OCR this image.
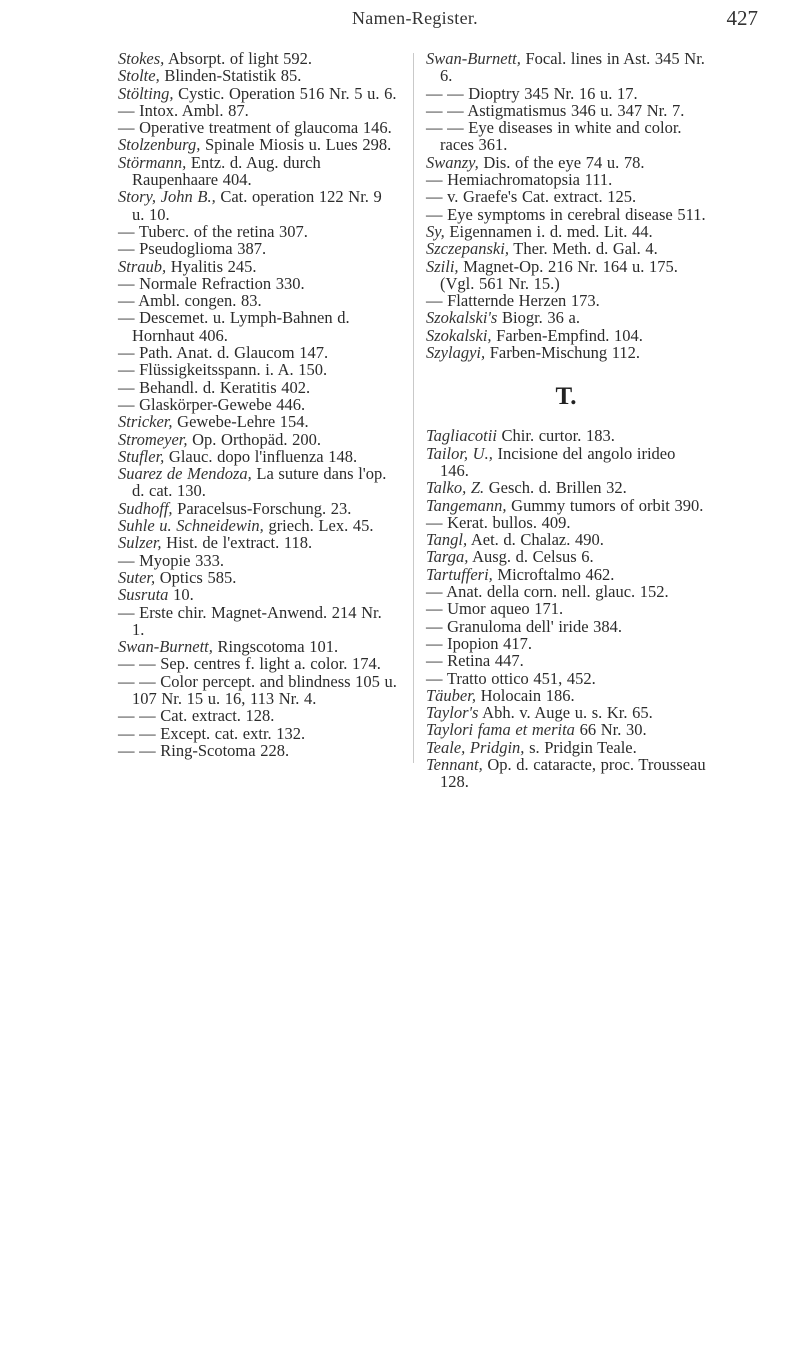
Namen-Register.	427

Stokes, Absorpt. of light 592.

Stolte, Blinden-Statistik 85.

Stölting, Cystic. Operation 516 Nr. 5 u. 6.

— Intox. Ambl. 87.

— Operative treatment of glaucoma 146.

Stolzenburg, Spinale Miosis u. Lues 298.

Störmann, Entz. d. Aug. durch Raupenhaare 404.

Story, John B., Cat. operation 122 Nr. 9 u. 10.

— Tuberc. of the retina 307.

— Pseudoglioma 387.

Straub, Hyalitis 245.

— Normale Refraction 330.

— Ambl. congen. 83.

— Descemet. u. Lymph-Bahnen d. Hornhaut 406.

— Path. Anat. d. Glaucom 147.

— Flüssigkeitsspann. i. A. 150.

— Behandl. d. Keratitis 402.

— Glaskörper-Gewebe 446.

Stricker, Gewebe-Lehre 154.

Stromeyer, Op. Orthopäd. 200.

Stufler, Glauc. dopo l'influenza 148.

Suarez de Mendoza, La suture dans l'op. d. cat. 130.

Sudhoff, Paracelsus-Forschung. 23.

Suhle u. Schneidewin, griech. Lex. 45.

Sulzer, Hist. de l'extract. 118.

— Myopie 333.

Suter, Optics 585.

Susruta 10.

— Erste chir. Magnet-Anwend. 214 Nr. 1.

Swan-Burnett, Ringscotoma 101.

— — Sep. centres f. light a. color. 174.

— — Color percept. and blindness 105 u. 107 Nr. 15 u. 16, 113 Nr. 4.

— — Cat. extract. 128.

— — Except. cat. extr. 132.

— — Ring-Scotoma 228.

Swan-Burnett, Focal. lines in Ast. 345 Nr. 6.

— — Dioptry 345 Nr. 16 u. 17.

— — Astigmatismus 346 u. 347 Nr. 7.

— — Eye diseases in white and color. races 361.

Swanzy, Dis. of the eye 74 u. 78.

— Hemiachromatopsia 111.

— v. Graefe's Cat. extract. 125.

— Eye symptoms in cerebral disease 511.

Sy, Eigennamen i. d. med. Lit. 44.

Szczepanski, Ther. Meth. d. Gal. 4.

Szili, Magnet-Op. 216 Nr. 164 u. 175. (Vgl. 561 Nr. 15.)

— Flatternde Herzen 173.

Szokalski's Biogr. 36 a.

Szokalski, Farben-Empfind. 104.

Szylagyi, Farben-Mischung 112.

T.

Tagliacotii Chir. curtor. 183.

Tailor, U., Incisione del angolo irideo 146.

Talko, Z. Gesch. d. Brillen 32.

Tangemann, Gummy tumors of orbit 390.

— Kerat. bullos. 409.

Tangl, Aet. d. Chalaz. 490.

Targa, Ausg. d. Celsus 6.

Tartufferi, Microftalmo 462.

— Anat. della corn. nell. glauc. 152.

— Umor aqueo 171.

— Granuloma dell' iride 384.

— Ipopion 417.

— Retina 447.

— Tratto ottico 451, 452.

Täuber, Holocain 186.

Taylor's Abh. v. Auge u. s. Kr. 65.

Taylori fama et merita 66 Nr. 30.

Teale, Pridgin, s. Pridgin Teale.

Tennant, Op. d. cataracte, proc. Trousseau 128.
